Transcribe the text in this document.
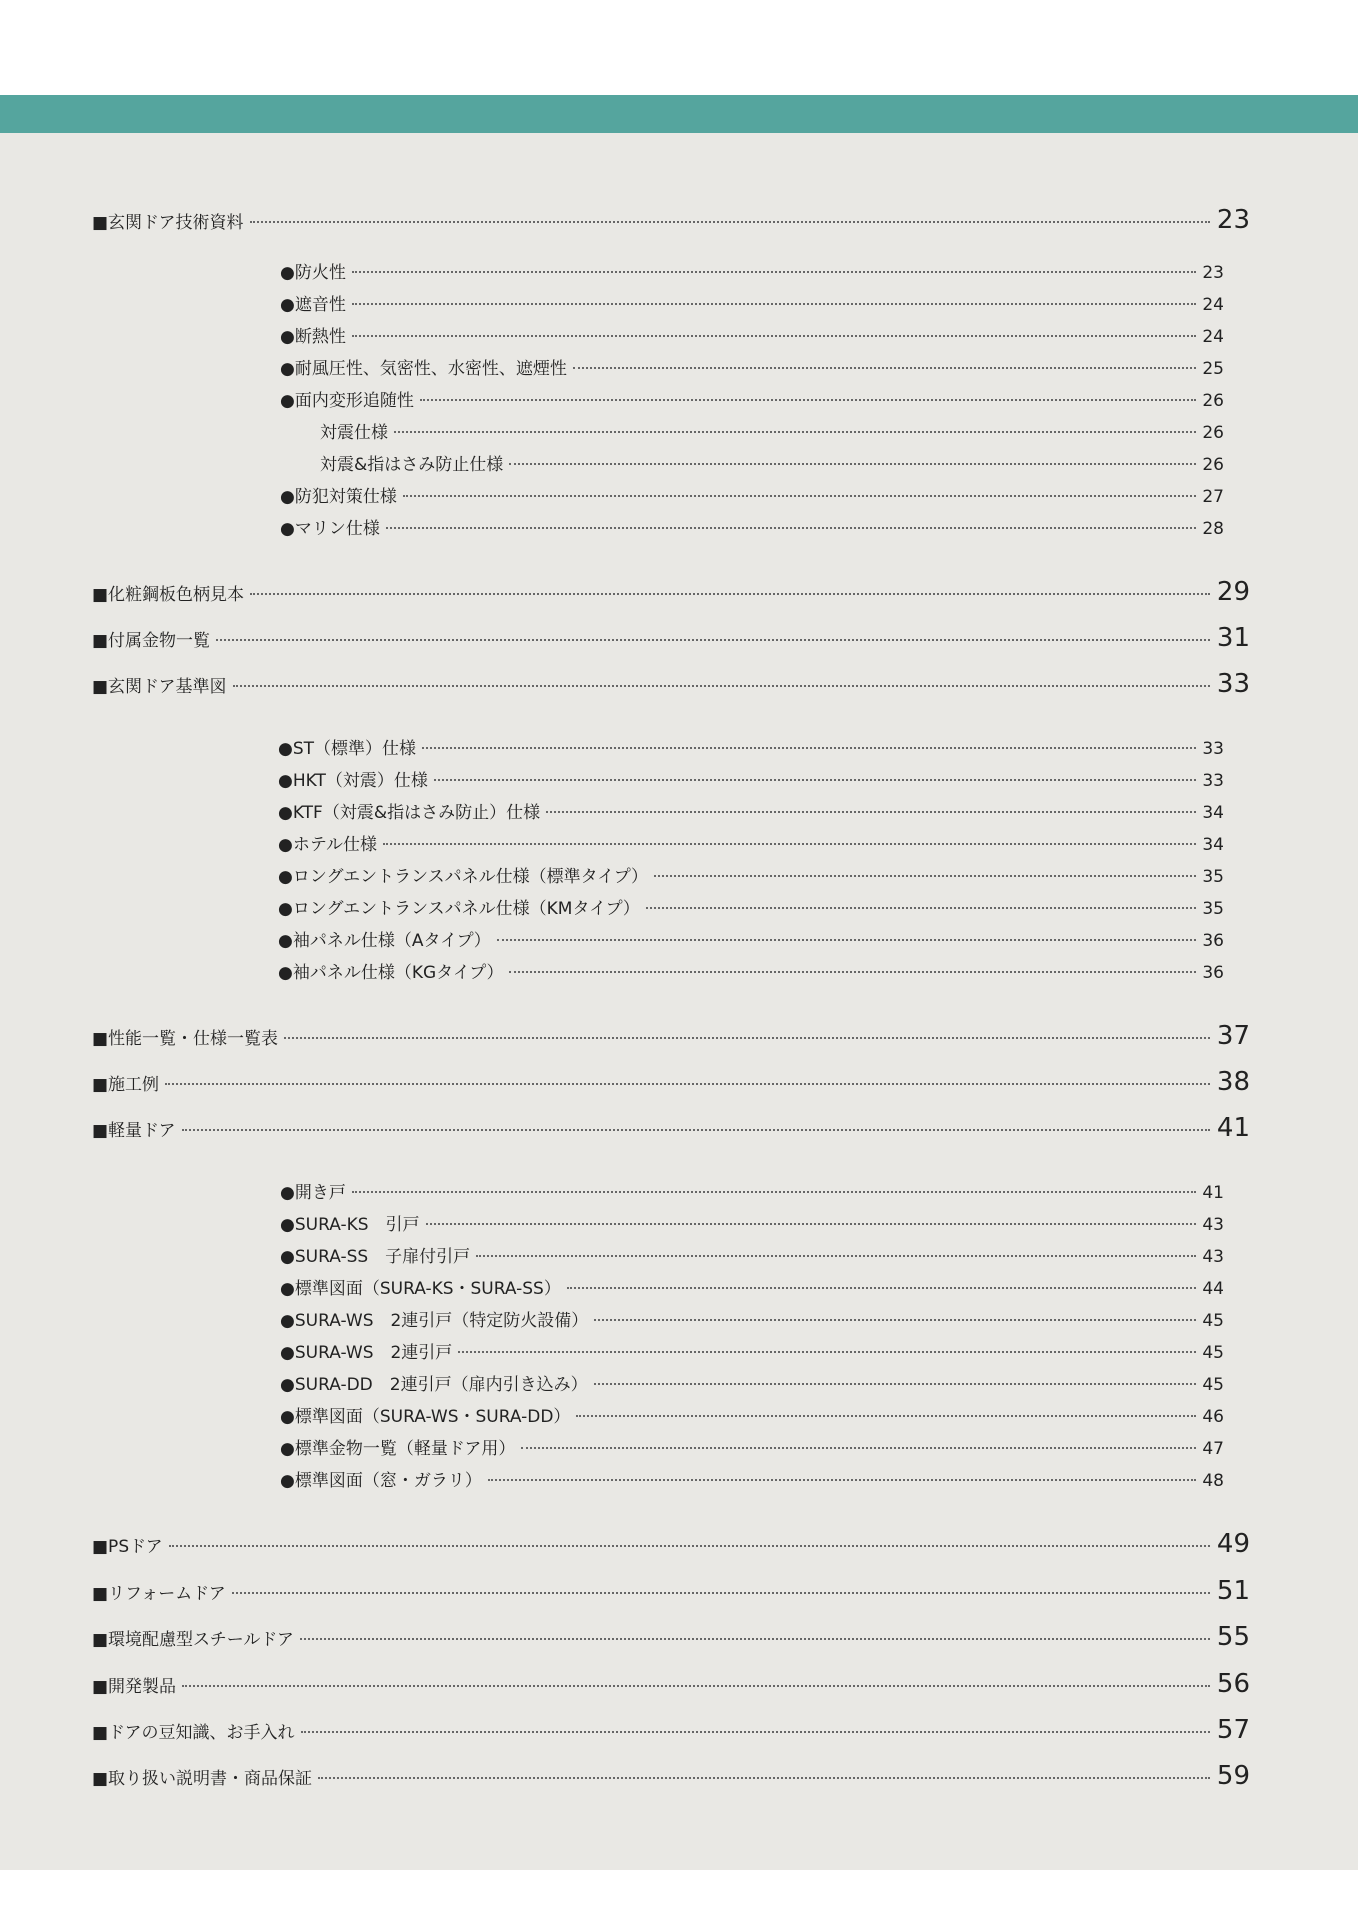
■玄関ドア技術資料	23
●防火性	23
●遮音性	24
●断熱性	24
●耐風圧性、気密性、水密性、遮煙性	25
●面内変形追随性	26
対震仕様	26
対震&指はさみ防止仕様	26
●防犯対策仕様	27
●マリン仕様	28
■化粧鋼板色柄見本	29
■付属金物一覧	31
■玄関ドア基準図	33
●ST（標準）仕様	33
●HKT（対震）仕様	33
●KTF（対震&指はさみ防止）仕様	34
●ホテル仕様	34
●ロングエントランスパネル仕様（標準タイプ）	35
●ロングエントランスパネル仕様（KMタイプ）	35
●袖パネル仕様（Aタイプ）	36
●袖パネル仕様（KGタイプ）	36
■性能一覧・仕様一覧表	37
■施工例	38
■軽量ドア	41
●開き戸	41
●SURA-KS　引戸	43
●SURA-SS　子扉付引戸	43
●標準図面（SURA-KS・SURA-SS）	44
●SURA-WS　2連引戸（特定防火設備）	45
●SURA-WS　2連引戸	45
●SURA-DD　2連引戸（扉内引き込み）	45
●標準図面（SURA-WS・SURA-DD）	46
●標準金物一覧（軽量ドア用）	47
●標準図面（窓・ガラリ）	48
■PSドア	49
■リフォームドア	51
■環境配慮型スチールドア	55
■開発製品	56
■ドアの豆知識、お手入れ	57
■取り扱い説明書・商品保証	59
